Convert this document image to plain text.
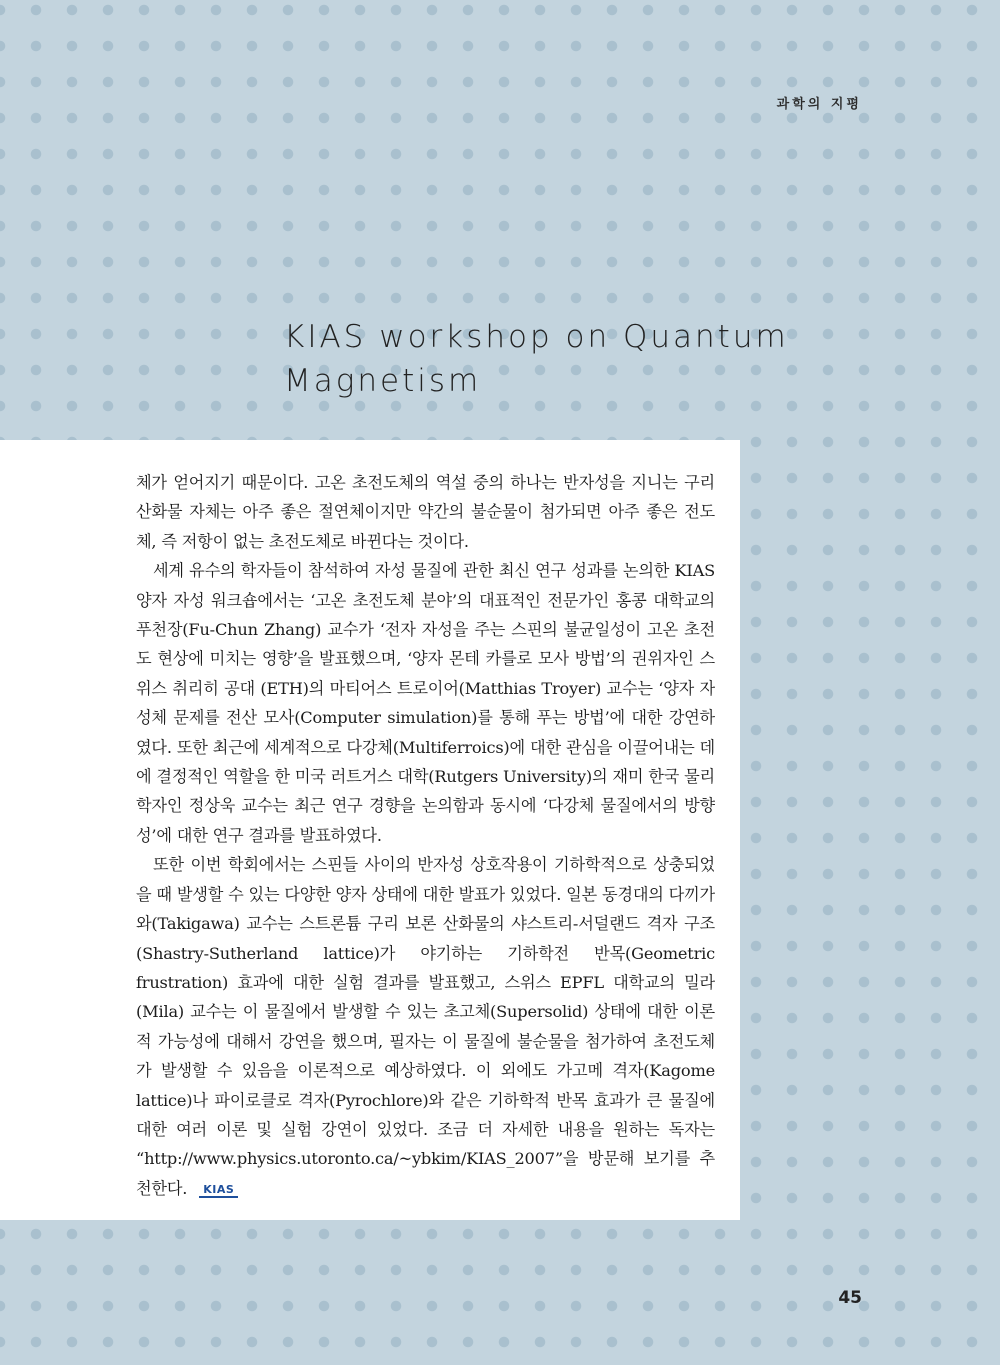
과학의 지평
KIAS workshop on Quantum
Magnetism

체가 얻어지기 때문이다. 고온 초전도체의 역설 중의 하나는 반자성을 지니는 구리 산화물 자체는 아주 좋은 절연체이지만 약간의 불순물이 첨가되면 아주 좋은 전도체, 즉 저항이 없는 초전도체로 바뀐다는 것이다.

세계 유수의 학자들이 참석하여 자성 물질에 관한 최신 연구 성과를 논의한 KIAS 양자 자성 워크숍에서는 ‘고온 초전도체 분야’의 대표적인 전문가인 홍콩 대학교의 푸천장(Fu-Chun Zhang) 교수가 ‘전자 자성을 주는 스핀의 불균일성이 고온 초전도 현상에 미치는 영향’을 발표했으며, ‘양자 몬테 카를로 모사 방법’의 권위자인 스위스 취리히 공대 (ETH)의 마티어스 트로이어(Matthias Troyer) 교수는 ‘양자 자성체 문제를 전산 모사(Computer simulation)를 통해 푸는 방법’에 대한 강연하였다. 또한 최근에 세계적으로 다강체(Multiferroics)에 대한 관심을 이끌어내는 데에 결정적인 역할을 한 미국 러트거스 대학(Rutgers University)의 재미 한국 물리학자인 정상욱 교수는 최근 연구 경향을 논의함과 동시에 ‘다강체 물질에서의 방향성’에 대한 연구 결과를 발표하였다.

또한 이번 학회에서는 스핀들 사이의 반자성 상호작용이 기하학적으로 상충되었을 때 발생할 수 있는 다양한 양자 상태에 대한 발표가 있었다. 일본 동경대의 다끼가와(Takigawa) 교수는 스트론튬 구리 보론 산화물의 샤스트리-서덜랜드 격자 구조(Shastry-Sutherland lattice)가 야기하는 기하학전 반목(Geometric frustration) 효과에 대한 실험 결과를 발표했고, 스위스 EPFL 대학교의 밀라 (Mila) 교수는 이 물질에서 발생할 수 있는 초고체(Supersolid) 상태에 대한 이론적 가능성에 대해서 강연을 했으며, 필자는 이 물질에 불순물을 첨가하여 초전도체가 발생할 수 있음을 이론적으로 예상하였다. 이 외에도 가고메 격자(Kagome lattice)나 파이로클로 격자(Pyrochlore)와 같은 기하학적 반목 효과가 큰 물질에 대한 여러 이론 및 실험 강연이 있었다. 조금 더 자세한 내용을 원하는 독자는 “http://www.physics.utoronto.ca/~ybkim/KIAS_2007”을 방문해 보기를 추천한다. KIAS

45
